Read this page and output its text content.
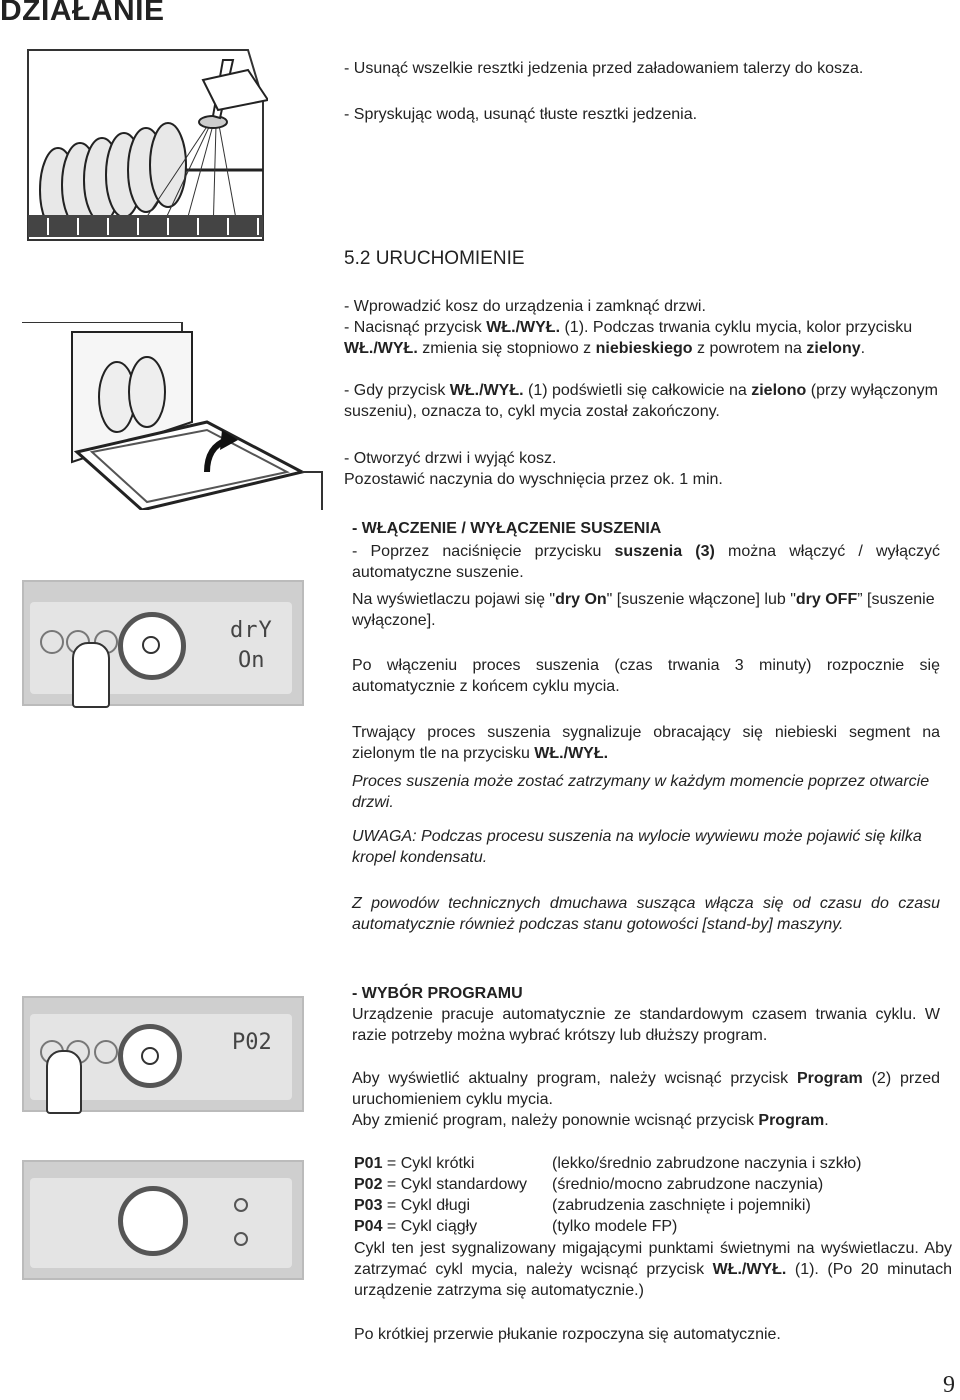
DZIAŁANIE

- Usunąć wszelkie resztki jedzenia przed załadowaniem talerzy do kosza.

- Spryskując wodą, usunąć tłuste resztki jedzenia.

5.2 URUCHOMIENIE

- Wprowadzić kosz do urządzenia i zamknąć drzwi.

- Nacisnąć przycisk WŁ./WYŁ. (1). Podczas trwania cyklu mycia, kolor przycisku WŁ./WYŁ. zmienia się stopniowo z niebieskiego z powrotem na zielony.

- Gdy przycisk WŁ./WYŁ. (1) podświetli się całkowicie na zielono (przy wyłączonym suszeniu), oznacza to, cykl mycia został zakończony.

- Otworzyć drzwi i wyjąć kosz.

Pozostawić naczynia do wyschnięcia przez ok. 1 min.

- WŁĄCZENIE / WYŁĄCZENIE SUSZENIA

- Poprzez naciśnięcie przycisku suszenia (3) można włączyć / wyłączyć automatyczne suszenie.

Na wyświetlaczu pojawi się "dry On" [suszenie włączone] lub "dry OFF” [suszenie wyłączone].

drY
On	Po włączeniu proces suszenia (czas trwania 3 minuty) rozpocznie się automatycznie z końcem cyklu mycia.

Trwający proces suszenia sygnalizuje obracający się niebieski segment na zielonym tle na przycisku WŁ./WYŁ.

Proces suszenia może zostać zatrzymany w każdym momencie poprzez otwarcie drzwi.

UWAGA: Podczas procesu suszenia na wylocie wywiewu może pojawić się kilka kropel kondensatu.

Z powodów technicznych dmuchawa susząca włącza się od czasu do czasu automatycznie również podczas stanu gotowości [stand-by] maszyny.

- WYBÓR PROGRAMU

Urządzenie pracuje automatycznie ze standardowym czasem trwania cyklu. W razie potrzeby można wybrać krótszy lub dłuższy program.

Aby wyświetlić aktualny program, należy wcisnąć przycisk Program (2) przed uruchomieniem cyklu mycia.

Aby zmienić program, należy ponownie wcisnąć przycisk Program.

P02
P01 = Cykl krótki	(lekko/średnio zabrudzone naczynia i szkło)
P02 = Cykl standardowy (średnio/mocno zabrudzone naczynia)
P03 = Cykl długi	(zabrudzenia zaschnięte i pojemniki)
P04 = Cykl ciągły	(tylko modele FP)

Cykl ten jest sygnalizowany migającymi punktami świetnymi na wyświetlaczu. Aby zatrzymać cykl mycia, należy wcisnąć przycisk WŁ./WYŁ. (1). (Po 20 minutach urządzenie zatrzyma się automatycznie.)

Po krótkiej przerwie płukanie rozpoczyna się automatycznie.

9
